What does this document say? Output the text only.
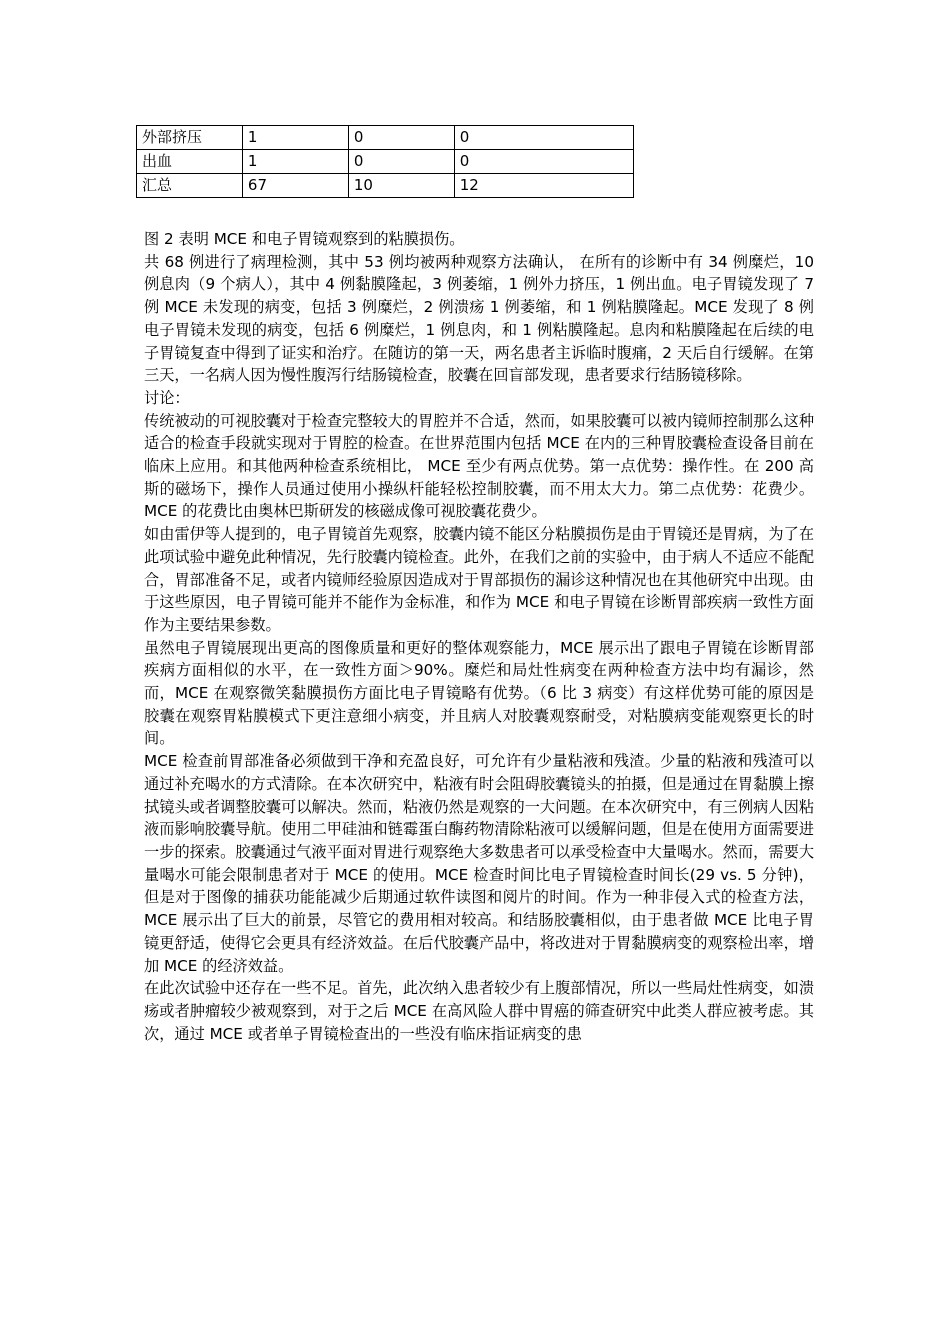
外部挤压	1	0	0
出血	1	0	0
汇总	67	10	12

图 2 表明 MCE 和电子胃镜观察到的粘膜损伤。

共 68 例进行了病理检测，其中 53 例均被两种观察方法确认， 在所有的诊断中有 34 例糜烂，10 例息肉（9 个病人），其中 4 例黏膜隆起，3 例萎缩，1 例外力挤压，1 例出血。电子胃镜发现了 7 例 MCE 未发现的病变，包括 3 例糜烂，2 例溃疡 1 例萎缩，和 1 例粘膜隆起。MCE 发现了 8 例电子胃镜未发现的病变，包括 6 例糜烂，1 例息肉，和 1 例粘膜隆起。息肉和粘膜隆起在后续的电子胃镜复查中得到了证实和治疗。在随访的第一天，两名患者主诉临时腹痛，2 天后自行缓解。在第三天，一名病人因为慢性腹泻行结肠镜检查，胶囊在回盲部发现，患者要求行结肠镜移除。

讨论：

传统被动的可视胶囊对于检查完整较大的胃腔并不合适，然而，如果胶囊可以被内镜师控制那么这种适合的检查手段就实现对于胃腔的检查。在世界范围内包括 MCE 在内的三种胃胶囊检查设备目前在临床上应用。和其他两种检查系统相比， MCE 至少有两点优势。第一点优势：操作性。在 200 高斯的磁场下，操作人员通过使用小操纵杆能轻松控制胶囊，而不用太大力。第二点优势：花费少。MCE 的花费比由奥林巴斯研发的核磁成像可视胶囊花费少。

如由雷伊等人提到的，电子胃镜首先观察，胶囊内镜不能区分粘膜损伤是由于胃镜还是胃病，为了在此项试验中避免此种情况，先行胶囊内镜检查。此外，在我们之前的实验中，由于病人不适应不能配合，胃部准备不足，或者内镜师经验原因造成对于胃部损伤的漏诊这种情况也在其他研究中出现。由于这些原因，电子胃镜可能并不能作为金标准，和作为 MCE 和电子胃镜在诊断胃部疾病一致性方面作为主要结果参数。

虽然电子胃镜展现出更高的图像质量和更好的整体观察能力，MCE 展示出了跟电子胃镜在诊断胃部疾病方面相似的水平，在一致性方面＞90%。糜烂和局灶性病变在两种检查方法中均有漏诊，然而，MCE 在观察微笑黏膜损伤方面比电子胃镜略有优势。（6 比 3 病变）有这样优势可能的原因是胶囊在观察胃粘膜模式下更注意细小病变，并且病人对胶囊观察耐受，对粘膜病变能观察更长的时间。

MCE 检查前胃部准备必须做到干净和充盈良好，可允许有少量粘液和残渣。少量的粘液和残渣可以通过补充喝水的方式清除。在本次研究中，粘液有时会阻碍胶囊镜头的拍摄，但是通过在胃黏膜上擦拭镜头或者调整胶囊可以解决。然而，粘液仍然是观察的一大问题。在本次研究中，有三例病人因粘液而影响胶囊导航。使用二甲硅油和链霉蛋白酶药物清除粘液可以缓解问题，但是在使用方面需要进一步的探索。胶囊通过气液平面对胃进行观察绝大多数患者可以承受检查中大量喝水。然而，需要大量喝水可能会限制患者对于 MCE 的使用。MCE 检查时间比电子胃镜检查时间长(29 vs. 5 分钟)，但是对于图像的捕获功能能减少后期通过软件读图和阅片的时间。作为一种非侵入式的检查方法，MCE 展示出了巨大的前景，尽管它的费用相对较高。和结肠胶囊相似，由于患者做 MCE 比电子胃镜更舒适，使得它会更具有经济效益。在后代胶囊产品中，将改进对于胃黏膜病变的观察检出率，增加 MCE 的经济效益。

在此次试验中还存在一些不足。首先，此次纳入患者较少有上腹部情况，所以一些局灶性病变，如溃疡或者肿瘤较少被观察到，对于之后 MCE 在高风险人群中胃癌的筛查研究中此类人群应被考虑。其次，通过 MCE 或者单子胃镜检查出的一些没有临床指证病变的患
